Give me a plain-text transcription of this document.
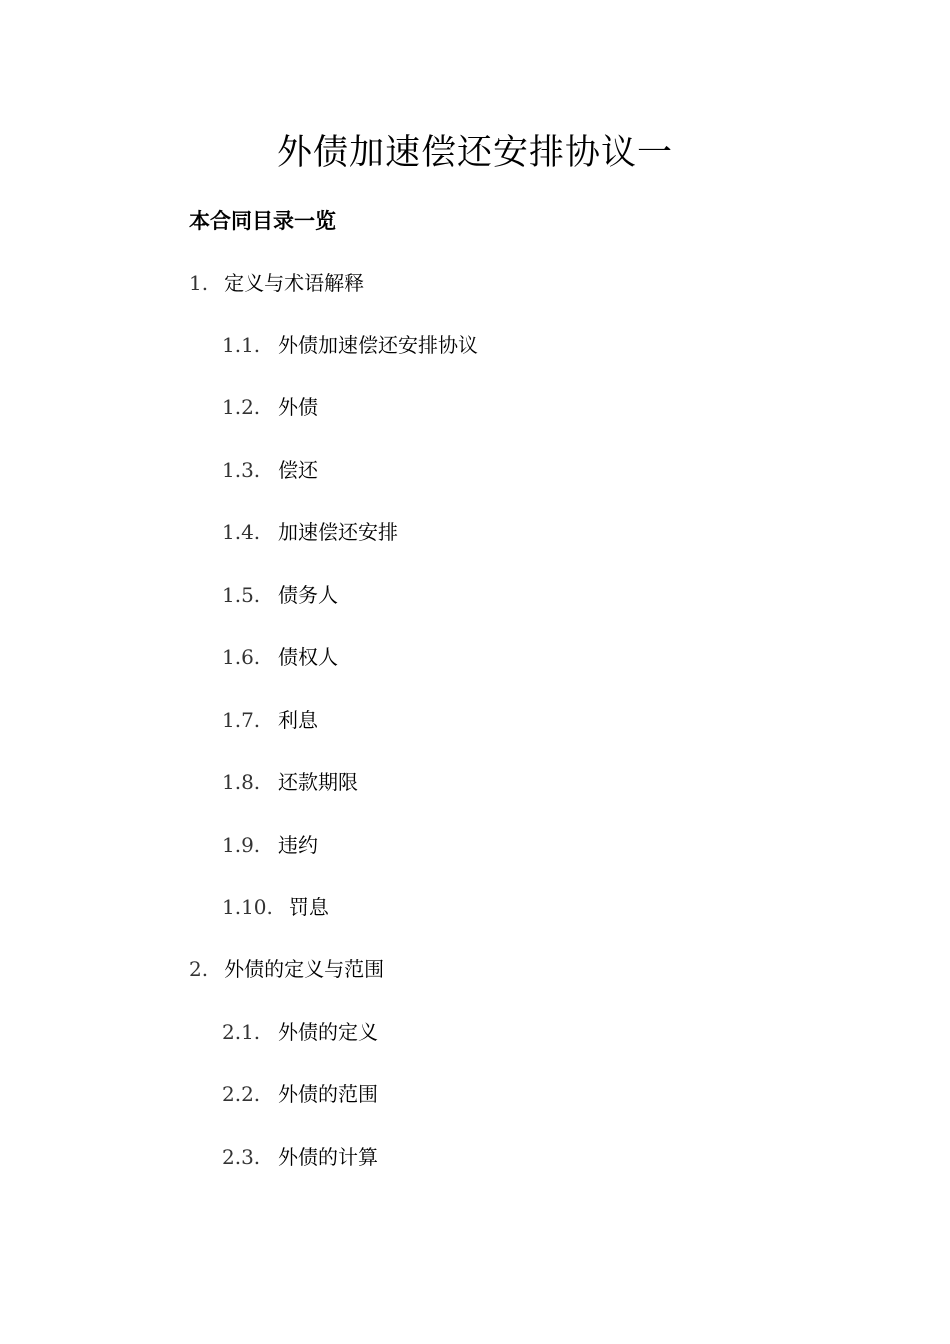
外债加速偿还安排协议一
本合同目录一览
1. 定义与术语解释
1.1. 外债加速偿还安排协议
1.2. 外债
1.3. 偿还
1.4. 加速偿还安排
1.5. 债务人
1.6. 债权人
1.7. 利息
1.8. 还款期限
1.9. 违约
1.10. 罚息
2. 外债的定义与范围
2.1. 外债的定义
2.2. 外债的范围
2.3. 外债的计算
